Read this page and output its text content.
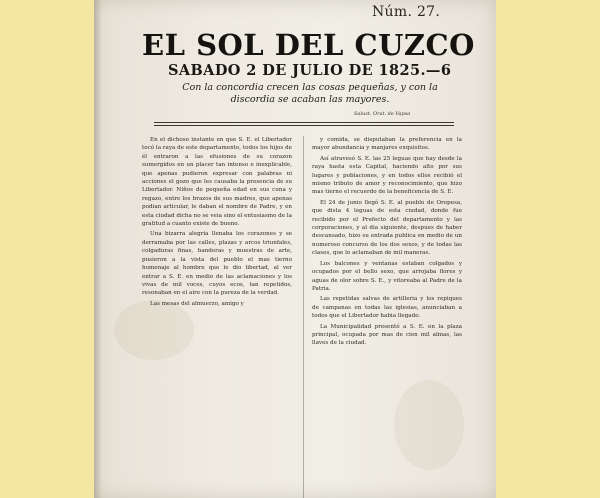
Núm. 27.
EL SOL DEL CUZCO
SABADO 2 DE JULIO DE 1825.—6
Con la concordia crecen las cosas pequeñas, y con la discordia se acaban las mayores.
Salust. Orat. de Vapsa

En el dichoso instante en que S. E. el Libertador tocó la raya de este departamento, todos los hijos de él entraron a las efusiones de su corazon sumergidos en un placer tan intenso e inexplicable, que apenas pudieron expresar con palabras ni acciones el gozo que les causaba la presencia de su Libertador. Niños de pequeña edad en sus cuna y regazo, entre los brazos de sus madres, que apenas podian articular, le daban el nombre de Padre, y en esta ciudad dicha no se veia sino el entusiasmo de la gratitud a cuanto existe de bueno.

Una bizarra alegria llenaba los corazones y se derramaba por las calles, plazas y arcos triunfales, colgaduras finas, banderas y muestras de arte, pusieron a la vista del pueblo el mas tierno homenaje al hombre que le dio libertad, al ver entrar a S. E. en medio de las aclamaciones y los vivas de mil voces, cuyos ecos, tan repetidos, resonaban en el aire con la pureza de la verdad.

Las mesas del almuerzo, amigo y

y comida, se disputaban la preferencia en la mayor abundancia y manjares exquisitos.

Así atravesó S. E. las 25 leguas que hay desde la raya hasta esta Capital, haciendo alto por sus lugares y poblaciones, y en todos ellos recibió el mismo tributo de amor y reconocimiento, que hizo mas tierno el recuerdo de la beneficencia de S. E.

El 24 de junio llegó S. E. al pueblo de Oropesa, que dista 4 leguas de esta ciudad, donde fue recibido por el Prefecto del departamento y las corporaciones, y al dia siguiente, despues de haber descansado, hizo su entrada publica en medio de un numeroso concurso de los dos sexos, y de todas las clases, que lo aclamaban de mil maneras.

Los balcones y ventanas estaban colgados y ocupados por el bello sexo, que arrojaba flores y aguas de olor sobre S. E., y vitoreaba al Padre de la Patria.

Las repetidas salvas de artilleria y los repiques de campanas en todas las iglesias, anunciaban a todos que el Libertador habia llegado.

La Municipalidad presentó a S. E. en la plaza principal, ocupada por mas de cien mil almas, las llaves de la ciudad.
